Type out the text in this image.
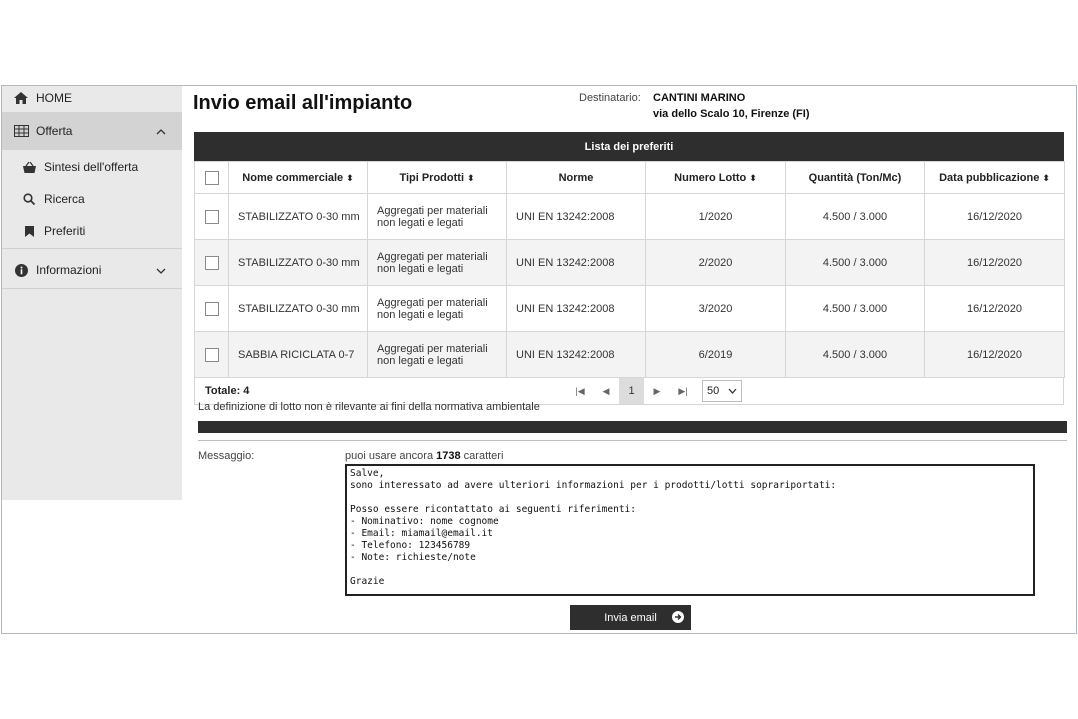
HOME
Offerta
Sintesi dell'offerta
Ricerca
Preferiti
Informazioni
Invio email all'impianto	Destinatario: CANTINI MARINO
via dello Scalo 10, Firenze (FI)
Lista dei preferiti
	Nome commerciale ⬍	Tipi Prodotti ⬍	Norme	Numero Lotto ⬍	Quantità (Ton/Mc)	Data pubblicazione ⬍
	STABILIZZATO 0-30 mm	Aggregati per materiali
non legati e legati	UNI EN 13242:2008	1/2020	4.500 / 3.000	16/12/2020
	STABILIZZATO 0-30 mm	Aggregati per materiali
non legati e legati	UNI EN 13242:2008	2/2020	4.500 / 3.000	16/12/2020
	STABILIZZATO 0-30 mm	Aggregati per materiali
non legati e legati	UNI EN 13242:2008	3/2020	4.500 / 3.000	16/12/2020
	SABBIA RICICLATA 0-7	Aggregati per materiali
non legati e legati	UNI EN 13242:2008	6/2019	4.500 / 3.000	16/12/2020
Totale: 4	|◀	◀	1	▶	▶|	50
La definizione di lotto non è rilevante ai fini della normativa ambientale
Messaggio:	puoi usare ancora 1738 caratteri
Salve,
sono interessato ad avere ulteriori informazioni per i prodotti/lotti soprariportati:

Posso essere ricontattato ai seguenti riferimenti:
- Nominativo: nome cognome
- Email: miamail@email.it
- Telefono: 123456789
- Note: richieste/note

Grazie
Invia email
